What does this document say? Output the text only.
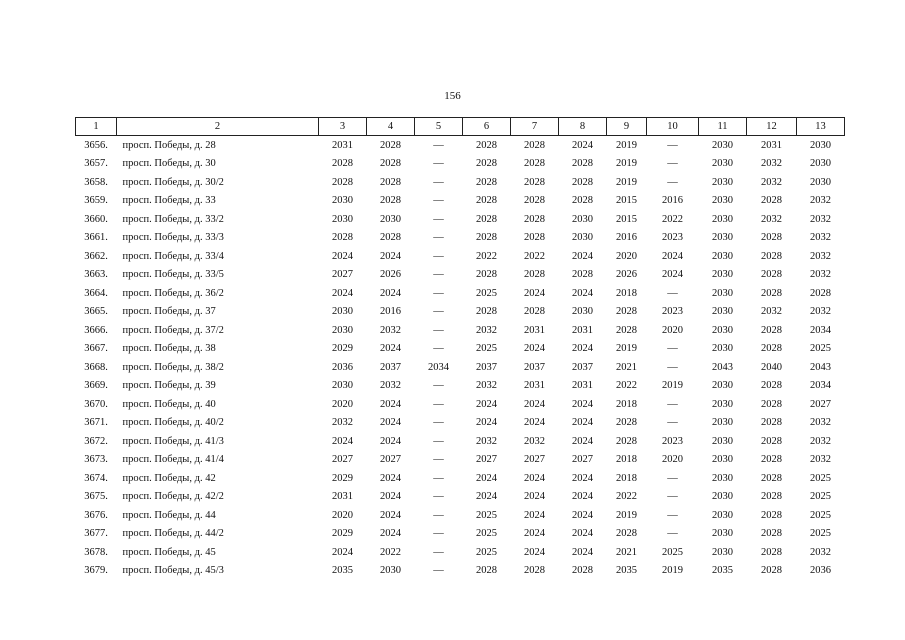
156
1	2	3	4	5	6	7	8	9	10	11	12	13
3656.	просп. Победы, д. 28	2031	2028	—	2028	2028	2024	2019	—	2030	2031	2030
3657.	просп. Победы, д. 30	2028	2028	—	2028	2028	2028	2019	—	2030	2032	2030
3658.	просп. Победы, д. 30/2	2028	2028	—	2028	2028	2028	2019	—	2030	2032	2030
3659.	просп. Победы, д. 33	2030	2028	—	2028	2028	2028	2015	2016	2030	2028	2032
3660.	просп. Победы, д. 33/2	2030	2030	—	2028	2028	2030	2015	2022	2030	2032	2032
3661.	просп. Победы, д. 33/3	2028	2028	—	2028	2028	2030	2016	2023	2030	2028	2032
3662.	просп. Победы, д. 33/4	2024	2024	—	2022	2022	2024	2020	2024	2030	2028	2032
3663.	просп. Победы, д. 33/5	2027	2026	—	2028	2028	2028	2026	2024	2030	2028	2032
3664.	просп. Победы, д. 36/2	2024	2024	—	2025	2024	2024	2018	—	2030	2028	2028
3665.	просп. Победы, д. 37	2030	2016	—	2028	2028	2030	2028	2023	2030	2032	2032
3666.	просп. Победы, д. 37/2	2030	2032	—	2032	2031	2031	2028	2020	2030	2028	2034
3667.	просп. Победы, д. 38	2029	2024	—	2025	2024	2024	2019	—	2030	2028	2025
3668.	просп. Победы, д. 38/2	2036	2037	2034	2037	2037	2037	2021	—	2043	2040	2043
3669.	просп. Победы, д. 39	2030	2032	—	2032	2031	2031	2022	2019	2030	2028	2034
3670.	просп. Победы, д. 40	2020	2024	—	2024	2024	2024	2018	—	2030	2028	2027
3671.	просп. Победы, д. 40/2	2032	2024	—	2024	2024	2024	2028	—	2030	2028	2032
3672.	просп. Победы, д. 41/3	2024	2024	—	2032	2032	2024	2028	2023	2030	2028	2032
3673.	просп. Победы, д. 41/4	2027	2027	—	2027	2027	2027	2018	2020	2030	2028	2032
3674.	просп. Победы, д. 42	2029	2024	—	2024	2024	2024	2018	—	2030	2028	2025
3675.	просп. Победы, д. 42/2	2031	2024	—	2024	2024	2024	2022	—	2030	2028	2025
3676.	просп. Победы, д. 44	2020	2024	—	2025	2024	2024	2019	—	2030	2028	2025
3677.	просп. Победы, д. 44/2	2029	2024	—	2025	2024	2024	2028	—	2030	2028	2025
3678.	просп. Победы, д. 45	2024	2022	—	2025	2024	2024	2021	2025	2030	2028	2032
3679.	просп. Победы, д. 45/3	2035	2030	—	2028	2028	2028	2035	2019	2035	2028	2036
